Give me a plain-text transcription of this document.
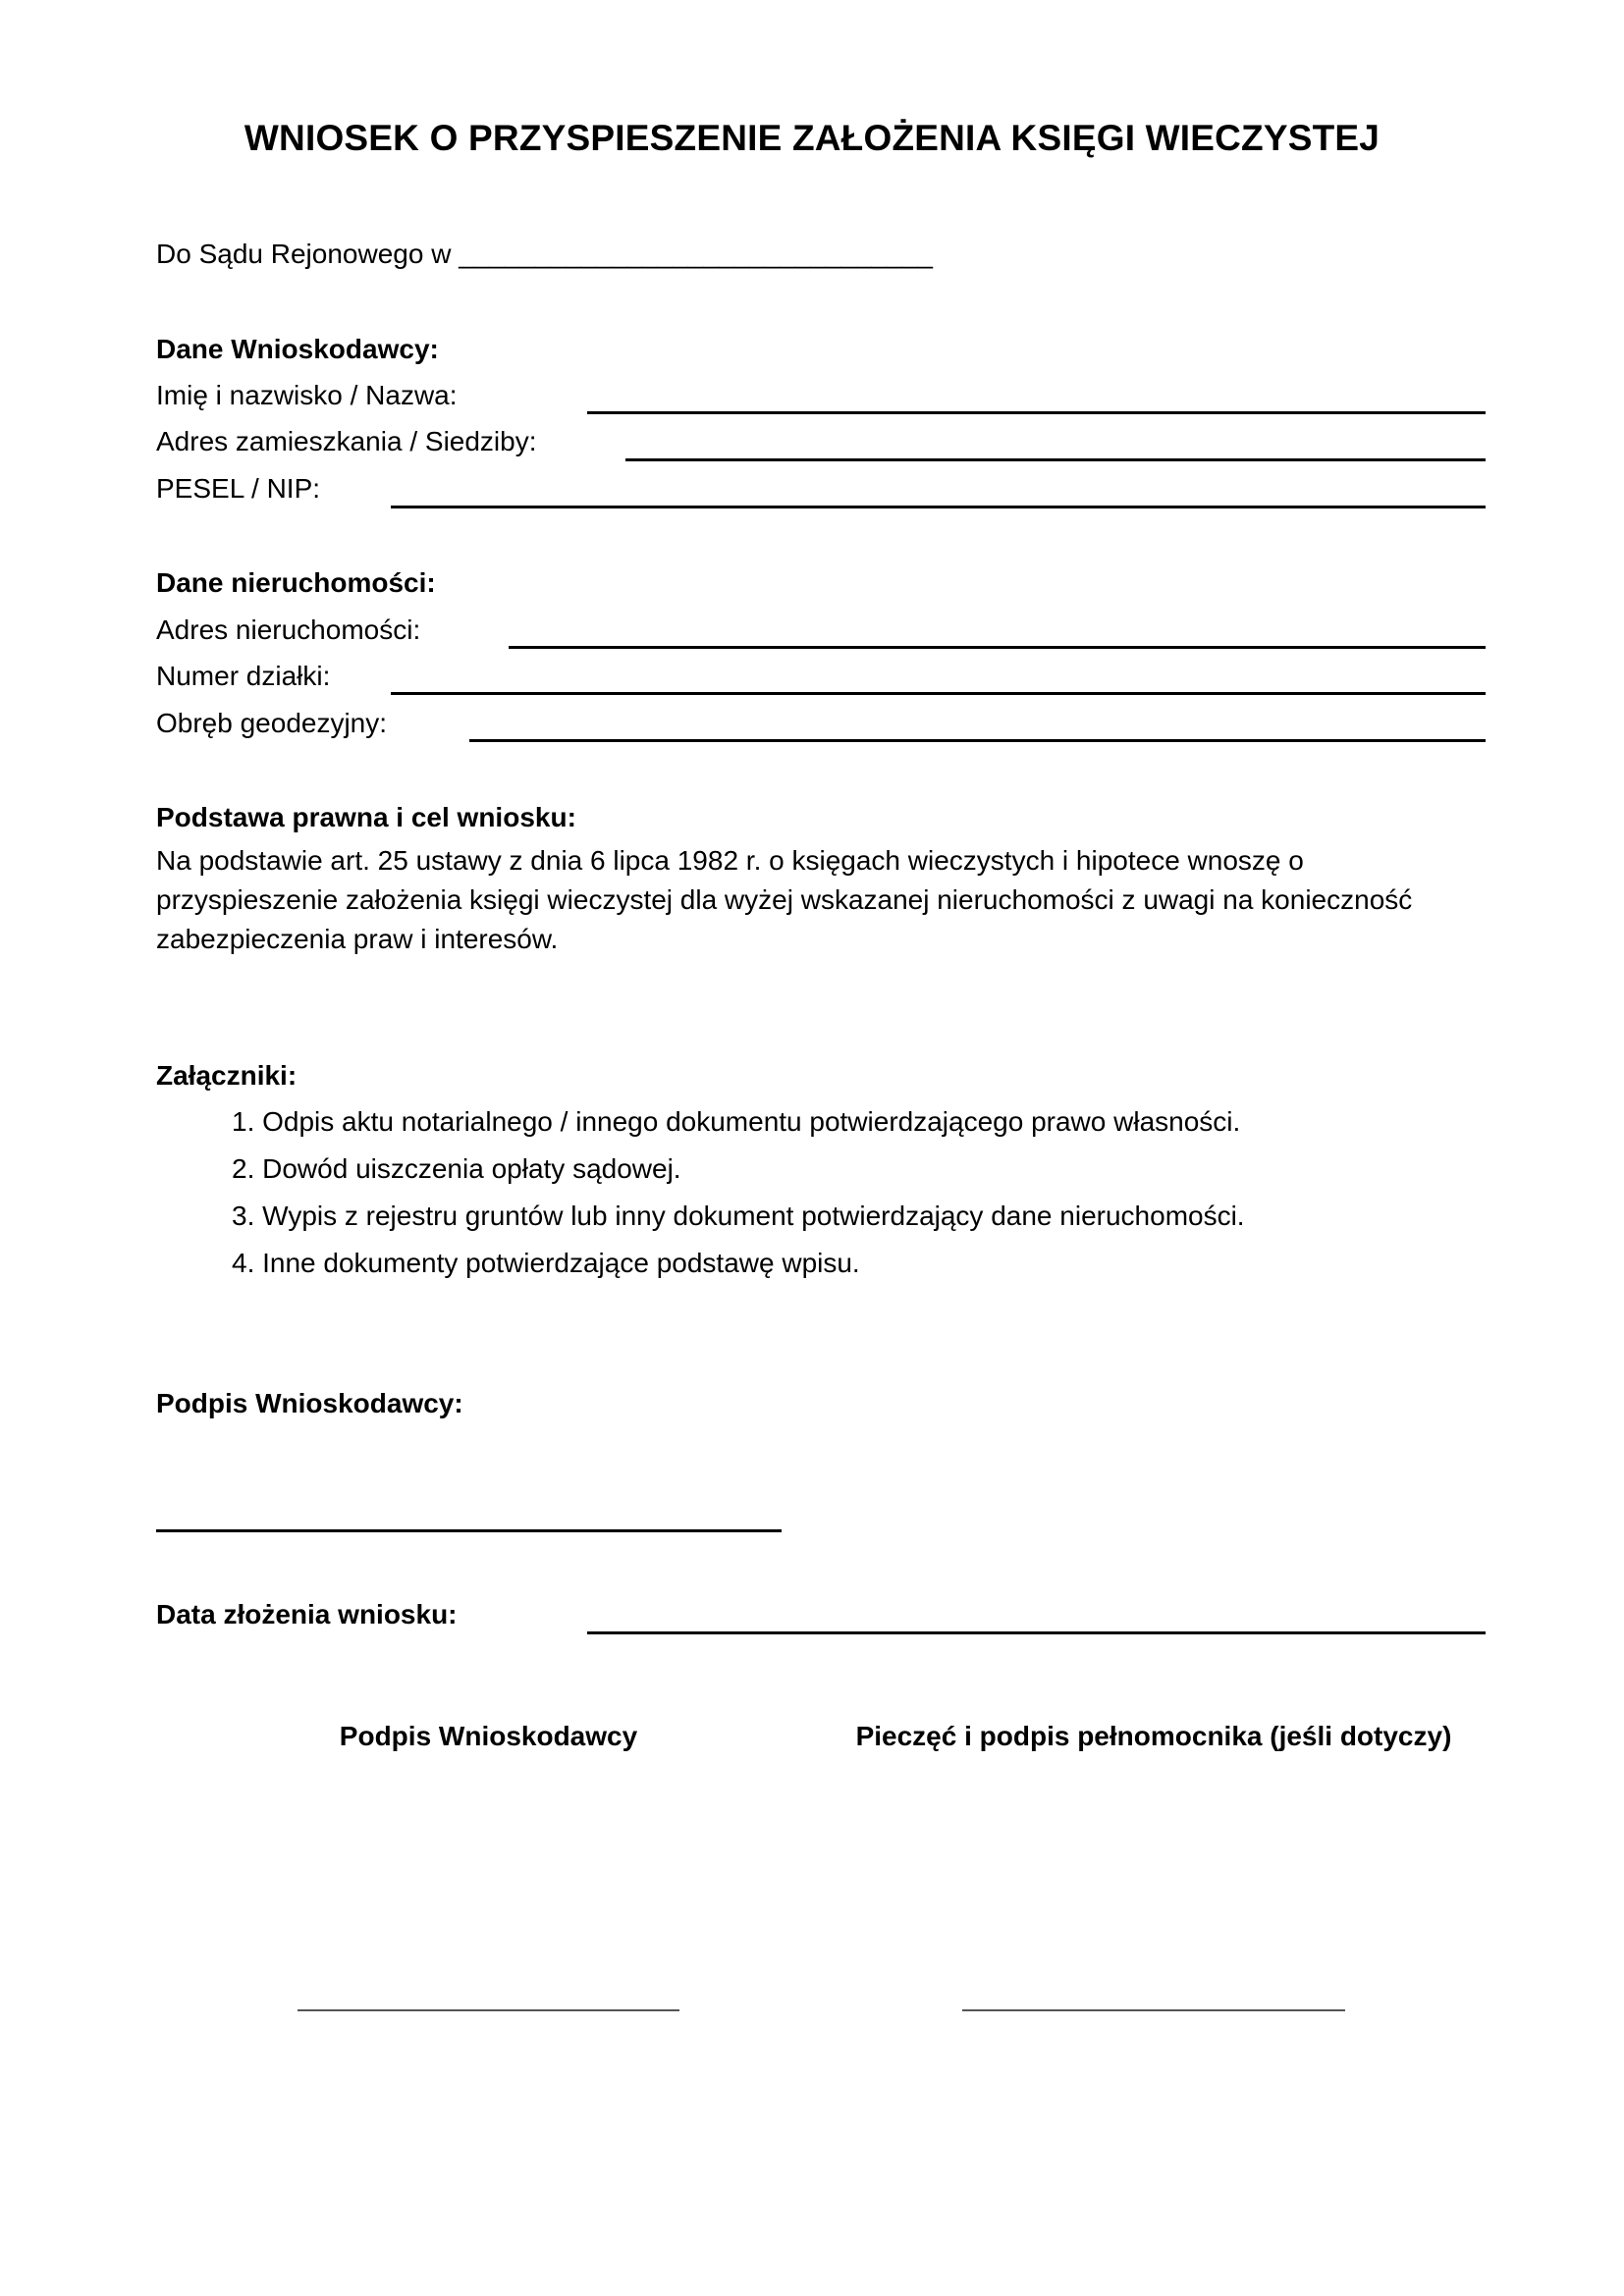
WNIOSEK O PRZYSPIESZENIE ZAŁOŻENIA KSIĘGI WIECZYSTEJ
Do Sądu Rejonowego w _______________________________
Dane Wnioskodawcy:
Imię i nazwisko / Nazwa:
Adres zamieszkania / Siedziby:
PESEL / NIP:
Dane nieruchomości:
Adres nieruchomości:
Numer działki:
Obręb geodezyjny:
Podstawa prawna i cel wniosku:
Na podstawie art. 25 ustawy z dnia 6 lipca 1982 r. o księgach wieczystych i hipotece wnoszę o przyspieszenie założenia księgi wieczystej dla wyżej wskazanej nieruchomości z uwagi na konieczność zabezpieczenia praw i interesów.
Załączniki:
1. Odpis aktu notarialnego / innego dokumentu potwierdzającego prawo własności.
2. Dowód uiszczenia opłaty sądowej.
3. Wypis z rejestru gruntów lub inny dokument potwierdzający dane nieruchomości.
4. Inne dokumenty potwierdzające podstawę wpisu.
Podpis Wnioskodawcy:
Data złożenia wniosku:
Podpis Wnioskodawcy	Pieczęć i podpis pełnomocnika (jeśli dotyczy)
